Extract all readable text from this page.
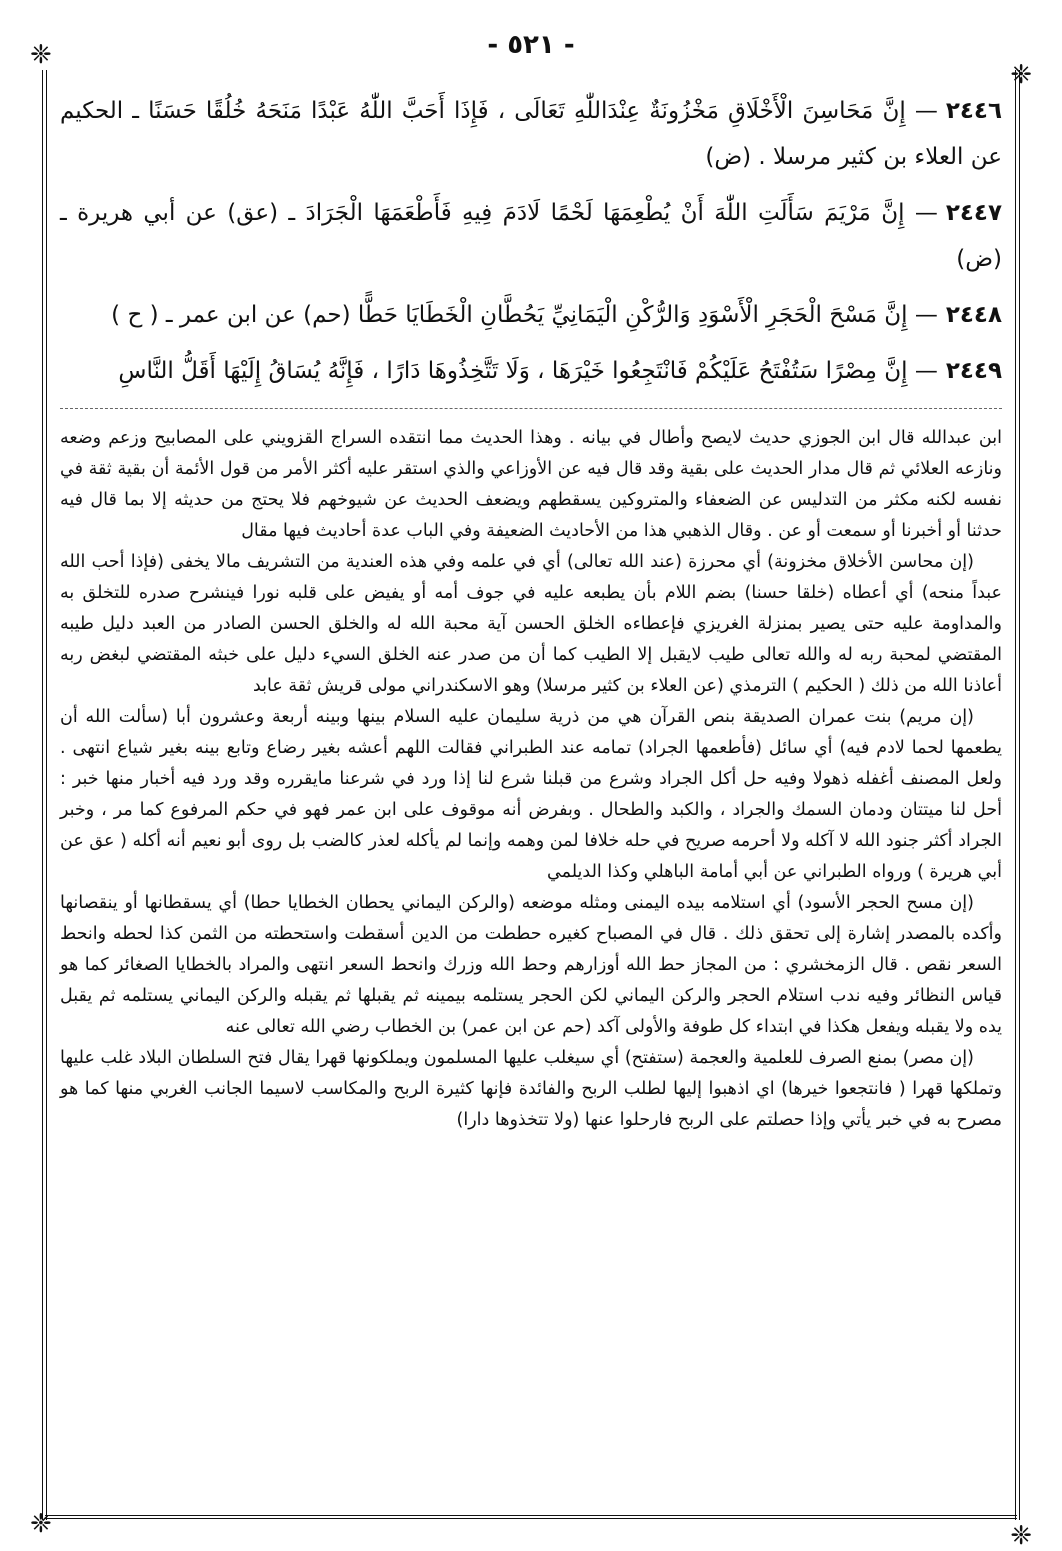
- ٥٢١ -
❈
❈
❈	❈

٢٤٤٦— إِنَّ مَحَاسِنَ الْأَخْلَاقِ مَخْزُونَةٌ عِنْدَاللّٰهِ تَعَالَى ، فَإِذَا أَحَبَّ اللّٰهُ عَبْدًا مَنَحَهُ خُلُقًا حَسَنًا ـ الحكيم عن العلاء بن كثير مرسلا . (ض)

٢٤٤٧— إِنَّ مَرْيَمَ سَأَلَتِ اللّٰهَ أَنْ يُطْعِمَهَا لَحْمًا لَادَمَ فِيهِ فَأَطْعَمَهَا الْجَرَادَ ـ (عق) عن أبي هريرة ـ (ض)

٢٤٤٨— إِنَّ مَسْحَ الْحَجَرِ الْأَسْوَدِ وَالرُّكْنِ الْيَمَانِيِّ يَحُطَّانِ الْخَطَايَا حَطًّا (حم) عن ابن عمر ـ ( ح )

٢٤٤٩— إِنَّ مِصْرًا سَتُفْتَحُ عَلَيْكُمْ فَانْتَجِعُوا خَيْرَهَا ، وَلَا تَتَّخِذُوهَا دَارًا ، فَإِنَّهُ يُسَاقُ إِلَيْهَا أَقَلُّ النَّاسِ

ابن عبدالله قال ابن الجوزي حديث لايصح وأطال في بيانه . وهذا الحديث مما انتقده السراج القزويني على المصابيح وزعم وضعه ونازعه العلائي ثم قال مدار الحديث على بقية وقد قال فيه عن الأوزاعي والذي استقر عليه أكثر الأمر من قول الأئمة أن بقية ثقة في نفسه لكنه مكثر من التدليس عن الضعفاء والمتروكين يسقطهم ويضعف الحديث عن شيوخهم فلا يحتج من حديثه إلا بما قال فيه حدثنا أو أخبرنا أو سمعت أو عن . وقال الذهبي هذا من الأحاديث الضعيفة وفي الباب عدة أحاديث فيها مقال

(إن محاسن الأخلاق مخزونة) أي محرزة (عند الله تعالى) أي في علمه وفي هذه العندية من التشريف مالا يخفى (فإذا أحب الله عبداً منحه) أي أعطاه (خلقا حسنا) بضم اللام بأن يطبعه عليه في جوف أمه أو يفيض على قلبه نورا فينشرح صدره للتخلق به والمداومة عليه حتى يصير بمنزلة الغريزي فإعطاءه الخلق الحسن آية محبة الله له والخلق الحسن الصادر من العبد دليل طيبه المقتضي لمحبة ربه له والله تعالى طيب لايقبل إلا الطيب كما أن من صدر عنه الخلق السيء دليل على خبثه المقتضي لبغض ربه أعاذنا الله من ذلك ( الحكيم ) الترمذي (عن العلاء بن كثير مرسلا) وهو الاسكندراني مولى قريش ثقة عابد

(إن مريم) بنت عمران الصديقة بنص القرآن هي من ذرية سليمان عليه السلام بينها وبينه أربعة وعشرون أبا (سألت الله أن يطعمها لحما لادم فيه) أي سائل (فأطعمها الجراد) تمامه عند الطبراني فقالت اللهم أعشه بغير رضاع وتابع بينه بغير شياع انتهى . ولعل المصنف أغفله ذهولا وفيه حل أكل الجراد وشرع من قبلنا شرع لنا إذا ورد في شرعنا مايقرره وقد ورد فيه أخبار منها خبر : أحل لنا ميتتان ودمان السمك والجراد ، والكبد والطحال . وبفرض أنه موقوف على ابن عمر فهو في حكم المرفوع كما مر ، وخبر الجراد أكثر جنود الله لا آكله ولا أحرمه صريح في حله خلافا لمن وهمه وإنما لم يأكله لعذر كالضب بل روى أبو نعيم أنه أكله ( عق عن أبي هريرة ) ورواه الطبراني عن أبي أمامة الباهلي وكذا الديلمي

(إن مسح الحجر الأسود) أي استلامه بيده اليمنى ومثله موضعه (والركن اليماني يحطان الخطايا حطا) أي يسقطانها أو ينقصانها وأكده بالمصدر إشارة إلى تحقق ذلك . قال في المصباح كغيره حططت من الدين أسقطت واستحطته من الثمن كذا لحطه وانحط السعر نقص . قال الزمخشري : من المجاز حط الله أوزارهم وحط الله وزرك وانحط السعر انتهى والمراد بالخطايا الصغائر كما هو قياس النظائر وفيه ندب استلام الحجر والركن اليماني لكن الحجر يستلمه بيمينه ثم يقبلها ثم يقبله والركن اليماني يستلمه ثم يقبل يده ولا يقبله ويفعل هكذا في ابتداء كل طوفة والأولى آكد (حم عن ابن عمر) بن الخطاب رضي الله تعالى عنه

(إن مصر) بمنع الصرف للعلمية والعجمة (ستفتح) أي سيغلب عليها المسلمون ويملكونها قهرا يقال فتح السلطان البلاد غلب عليها وتملكها قهرا ( فانتجعوا خيرها) اي اذهبوا إليها لطلب الربح والفائدة فإنها كثيرة الربح والمكاسب لاسيما الجانب الغربي منها كما هو مصرح به في خبر يأتي وإذا حصلتم على الربح فارحلوا عنها (ولا تتخذوها دارا)
